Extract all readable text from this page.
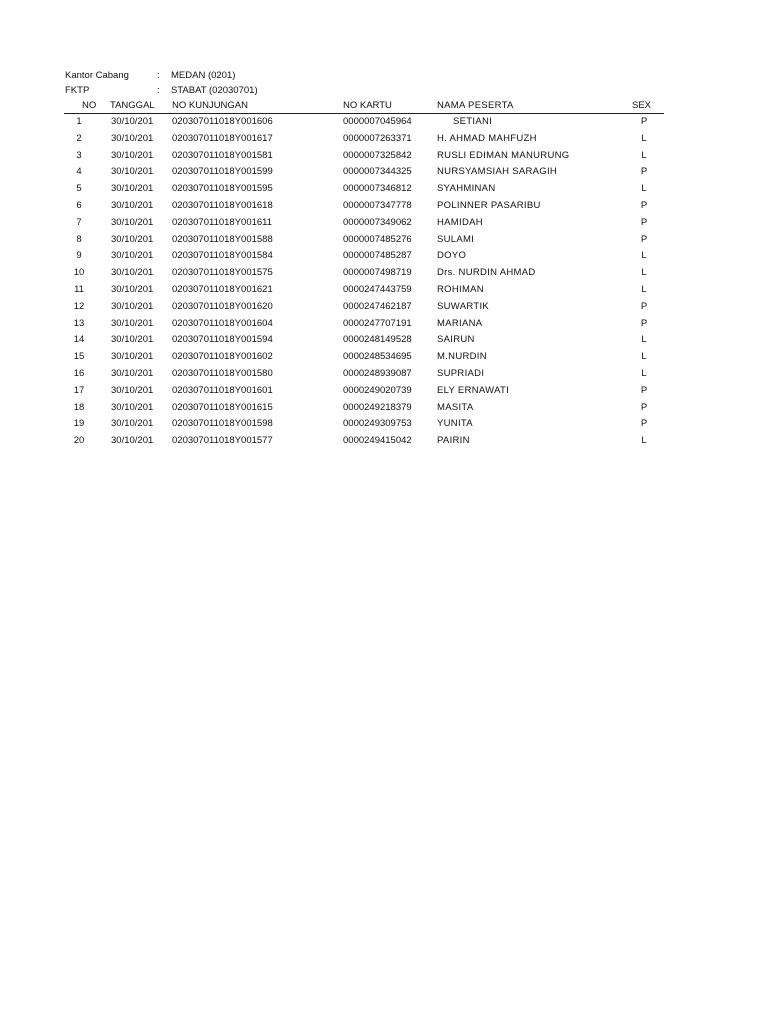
Kantor Cabang	: MEDAN (0201)
FKTP	: STABAT (02030701)
NO	TANGGAL NO KUNJUNGAN	NO KARTU	NAMA PESERTA	SEX
1	30/10/201 020307011018Y001606	0000007045964	SETIANI	P
2	30/10/201 020307011018Y001617	0000007263371	H. AHMAD MAHFUZH	L
3	30/10/201 020307011018Y001581	0000007325842	RUSLI EDIMAN MANURUNG	L
4	30/10/201 020307011018Y001599	0000007344325	NURSYAMSIAH SARAGIH	P
5	30/10/201 020307011018Y001595	0000007346812	SYAHMINAN	L
6	30/10/201 020307011018Y001618	0000007347778	POLINNER PASARIBU	P
7	30/10/201 020307011018Y001611	0000007349062	HAMIDAH	P
8	30/10/201 020307011018Y001588	0000007485276	SULAMI	P
9	30/10/201 020307011018Y001584	0000007485287	DOYO	L
10	30/10/201 020307011018Y001575	0000007498719	Drs. NURDIN AHMAD	L
11	30/10/201 020307011018Y001621	0000247443759	ROHIMAN	L
12	30/10/201 020307011018Y001620	0000247462187	SUWARTIK	P
13	30/10/201 020307011018Y001604	0000247707191	MARIANA	P
14	30/10/201 020307011018Y001594	0000248149528	SAIRUN	L
15	30/10/201 020307011018Y001602	0000248534695	M.NURDIN	L
16	30/10/201 020307011018Y001580	0000248939087	SUPRIADI	L
17	30/10/201 020307011018Y001601	0000249020739	ELY ERNAWATI	P
18	30/10/201 020307011018Y001615	0000249218379	MASITA	P
19	30/10/201 020307011018Y001598	0000249309753	YUNITA	P
20	30/10/201 020307011018Y001577	0000249415042	PAIRIN	L
